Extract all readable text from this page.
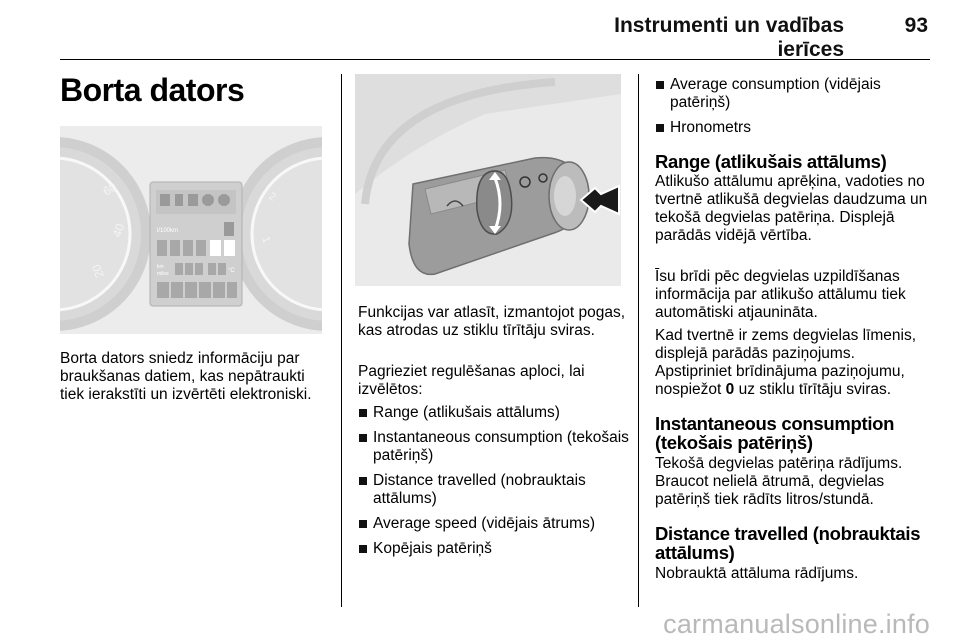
Instrumenti un vadības ierīces
93
Borta dators
60
40
20
2
1
l/100km
km
miles	°C

Borta dators sniedz informāciju par braukšanas datiem, kas nepātraukti tiek ierakstīti un izvērtēti elektroniski.

Funkcijas var atlasīt, izmantojot pogas, kas atrodas uz stiklu tīrītāju sviras.

Pagrieziet regulēšanas aploci, lai izvēlētos:

Range (atlikušais attālums)
Instantaneous consumption (tekošais patēriņš)
Distance travelled (nobrauktais attālums)
Average speed (vidējais ātrums)
Kopējais patēriņš
Average consumption (vidējais patēriņš)
Hronometrs
Range (atlikušais attālums)

Atlikušo attālumu aprēķina, vadoties no tvertnē atlikušā degvielas daudzuma un tekošā degvielas patēriņa. Displejā parādās vidējā vērtība.

Īsu brīdi pēc degvielas uzpildīšanas informācija par atlikušo attālumu tiek automātiski atjaunināta.

Kad tvertnē ir zems degvielas līmenis, displejā parādās paziņojums.
Apstipriniet brīdinājuma paziņojumu, nospiežot 0 uz stiklu tīrītāju sviras.

Instantaneous consumption (tekošais patēriņš)

Tekošā degvielas patēriņa rādījums. Braucot nelielā ātrumā, degvielas patēriņš tiek rādīts litros/stundā.

Distance travelled (nobrauktais attālums)

Nobrauktā attāluma rādījums.

carmanualsonline.info
